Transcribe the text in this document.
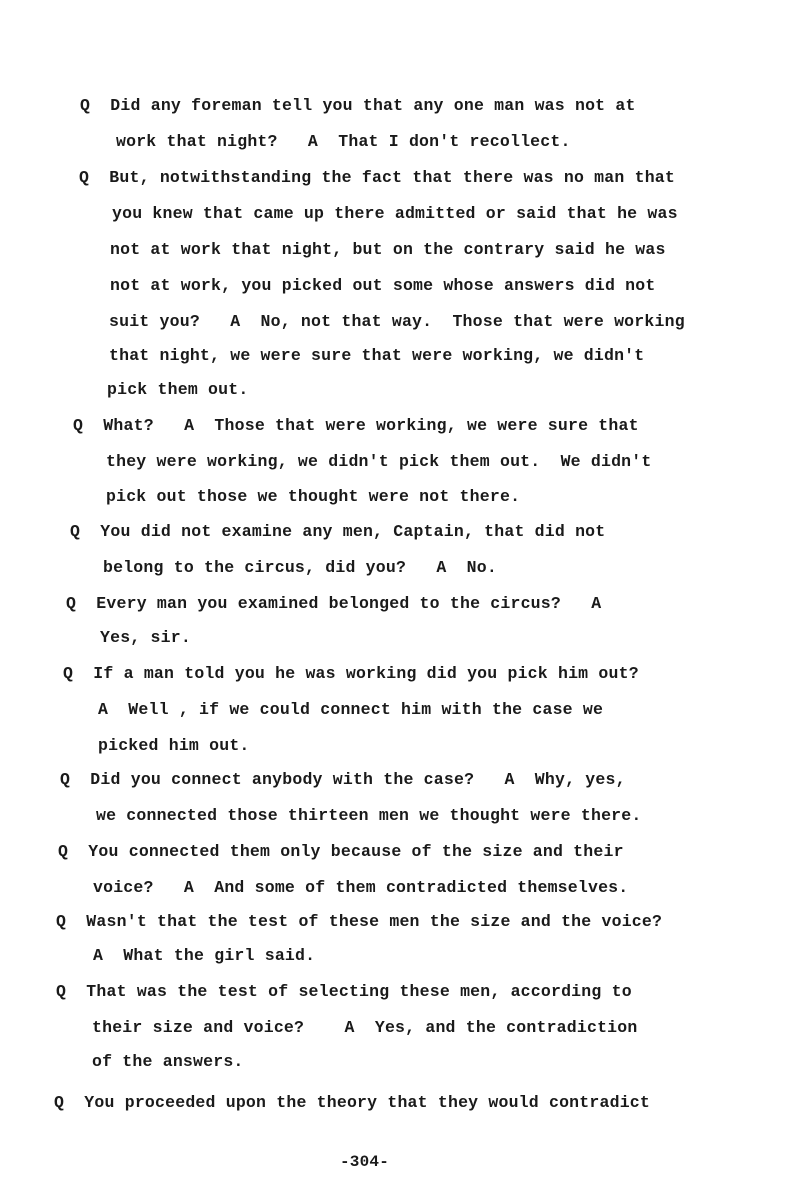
Q  Did any foreman tell you that any one man was not at
work that night?   A  That I don't recollect.
Q  But, notwithstanding the fact that there was no man that
you knew that came up there admitted or said that he was
not at work that night, but on the contrary said he was
not at work, you picked out some whose answers did not
suit you?   A  No, not that way.  Those that were working
that night, we were sure that were working, we didn't
pick them out.
Q  What?   A  Those that were working, we were sure that
they were working, we didn't pick them out.  We didn't
pick out those we thought were not there.
Q  You did not examine any men, Captain, that did not
belong to the circus, did you?   A  No.
Q  Every man you examined belonged to the circus?   A
Yes, sir.
Q  If a man told you he was working did you pick him out?
A  Well , if we could connect him with the case we
picked him out.
Q  Did you connect anybody with the case?   A  Why, yes,
we connected those thirteen men we thought were there.
Q  You connected them only because of the size and their
voice?   A  And some of them contradicted themselves.
Q  Wasn't that the test of these men the size and the voice?
A  What the girl said.
Q  That was the test of selecting these men, according to
their size and voice?    A  Yes, and the contradiction
of the answers.
Q  You proceeded upon the theory that they would contradict
-304-
